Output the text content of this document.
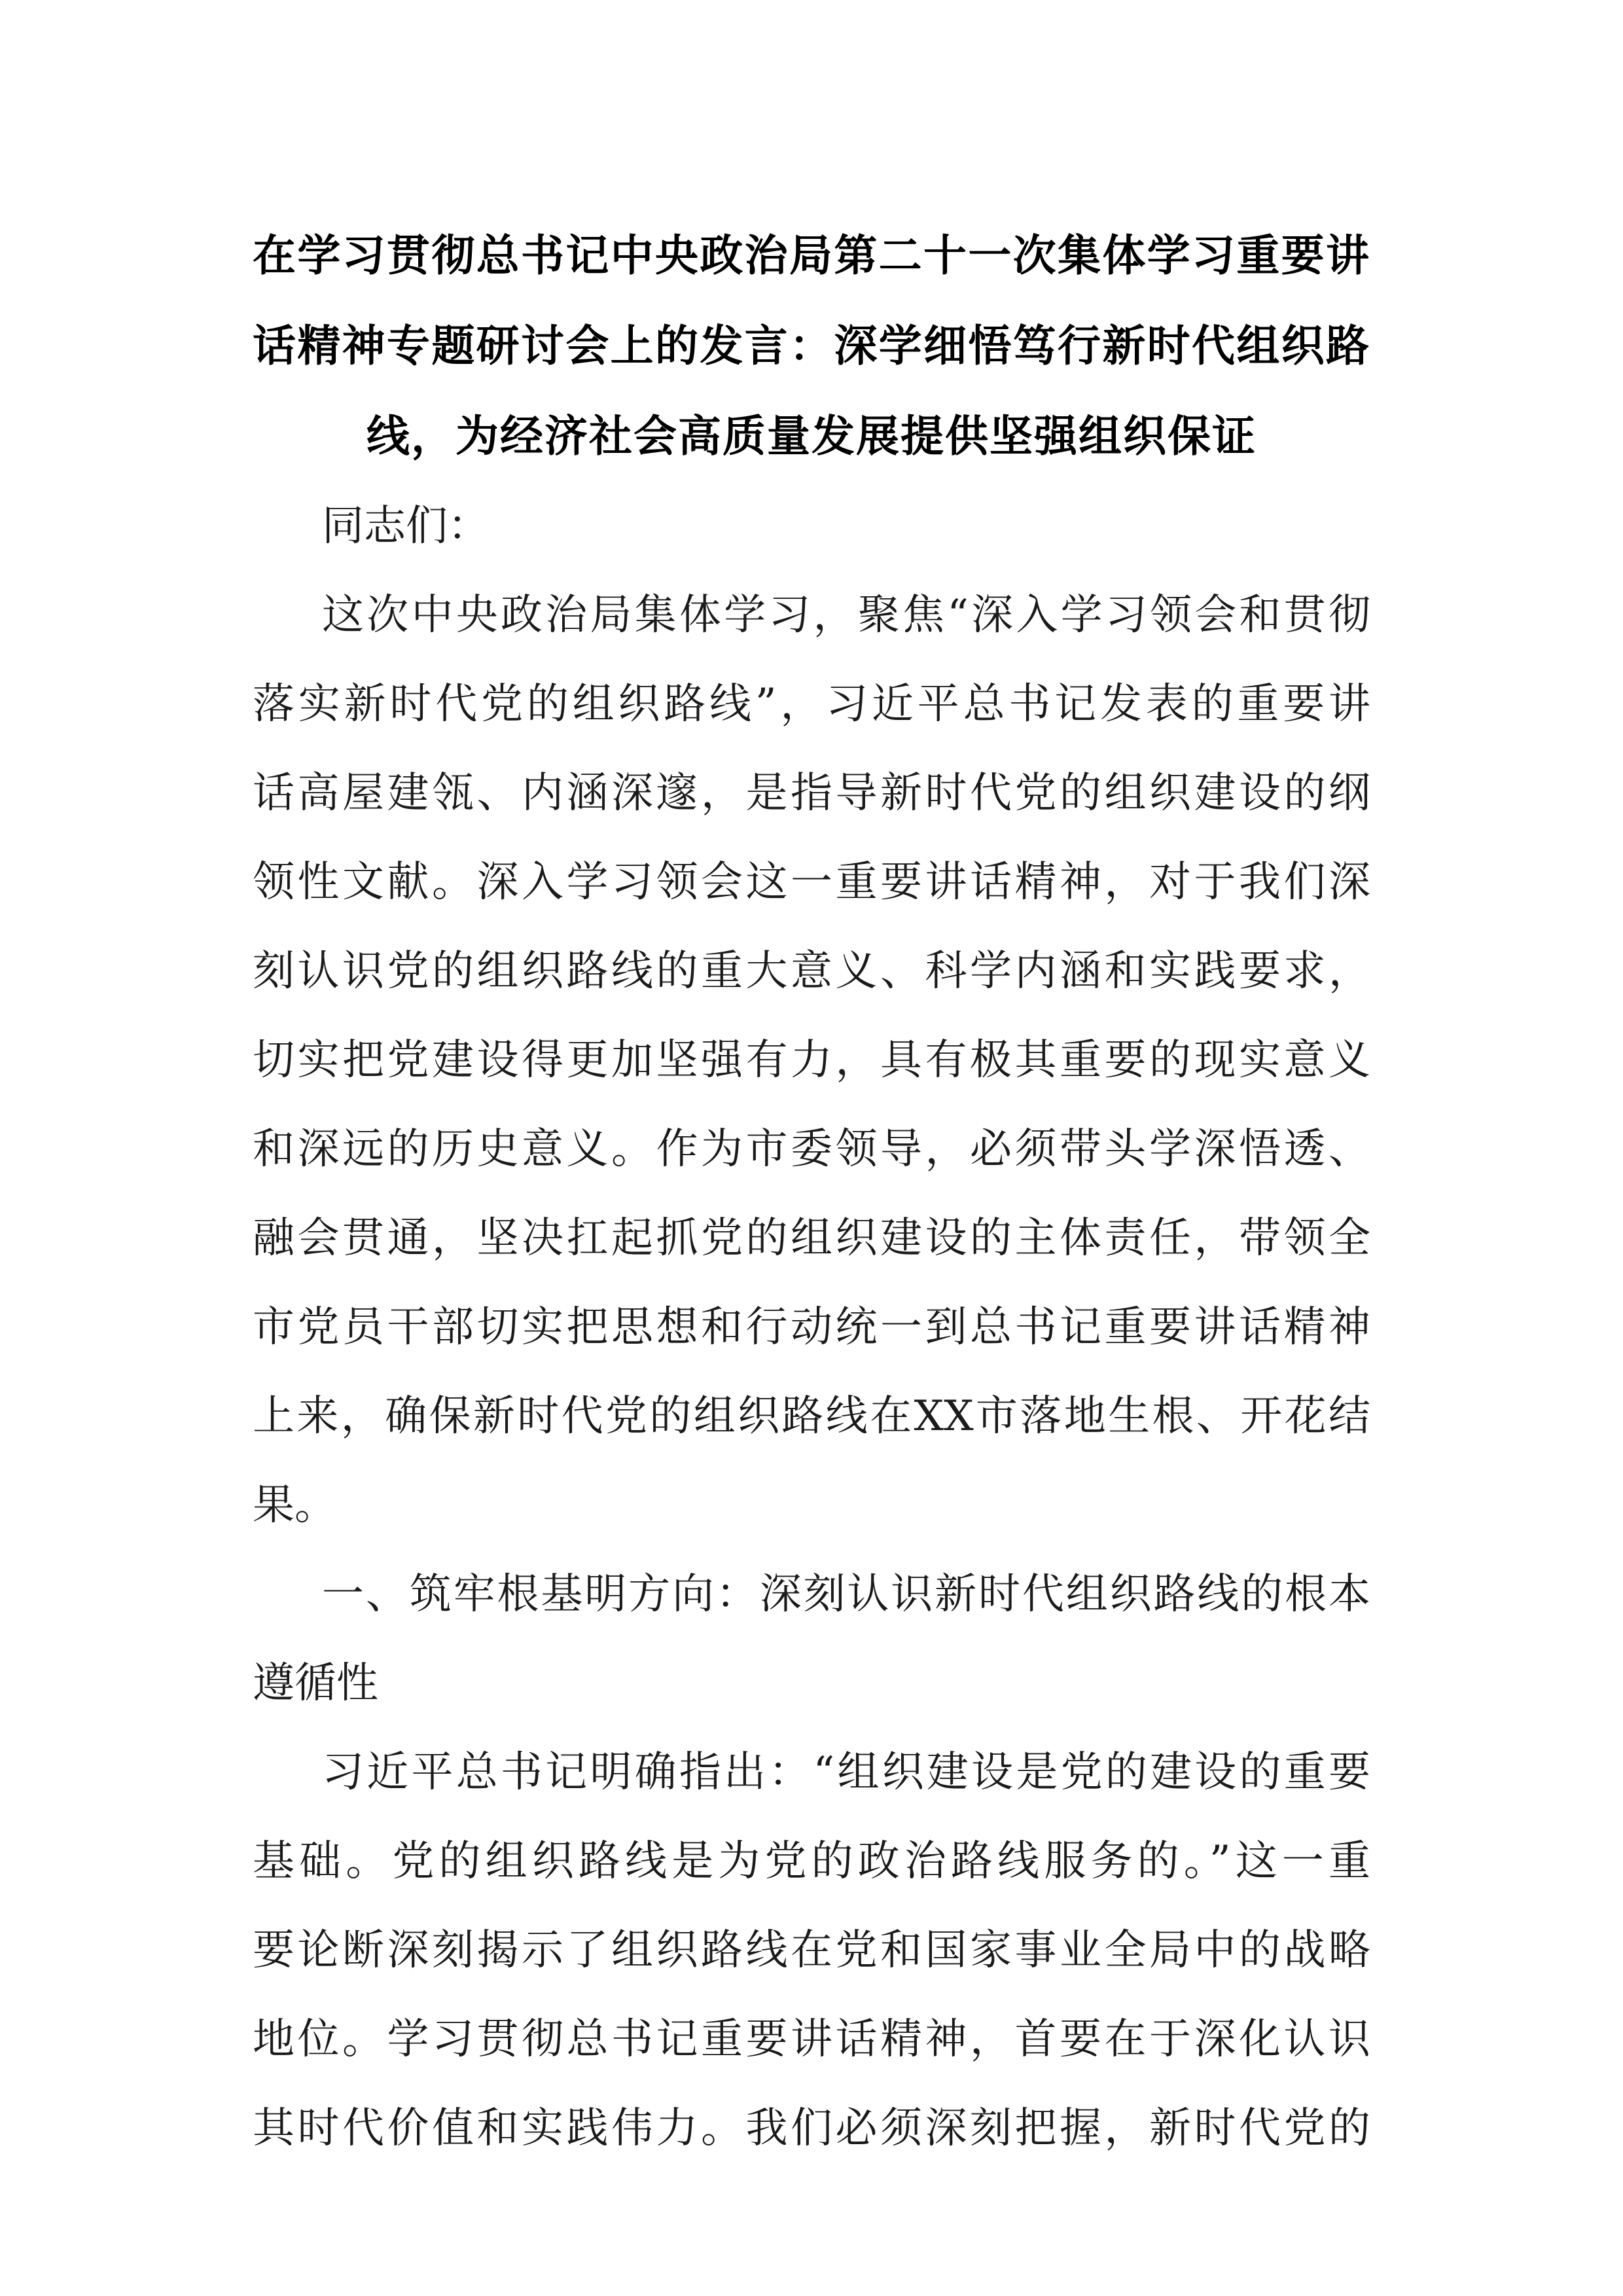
在学习贯彻总书记中央政治局第二十一次集体学习重要讲
话精神专题研讨会上的发言：深学细悟笃行新时代组织路
线，为经济社会高质量发展提供坚强组织保证
同志们：
这次中央政治局集体学习，聚焦“深入学习领会和贯彻
落实新时代党的组织路线”，习近平总书记发表的重要讲
话高屋建瓴、内涵深邃，是指导新时代党的组织建设的纲
领性文献。深入学习领会这一重要讲话精神，对于我们深
刻认识党的组织路线的重大意义、科学内涵和实践要求，
切实把党建设得更加坚强有力，具有极其重要的现实意义
和深远的历史意义。作为市委领导，必须带头学深悟透、
融会贯通，坚决扛起抓党的组织建设的主体责任，带领全
市党员干部切实把思想和行动统一到总书记重要讲话精神
上来，确保新时代党的组织路线在XX市落地生根、开花结
果。
一、筑牢根基明方向：深刻认识新时代组织路线的根本
遵循性
习近平总书记明确指出：“组织建设是党的建设的重要
基础。党的组织路线是为党的政治路线服务的。”这一重
要论断深刻揭示了组织路线在党和国家事业全局中的战略
地位。学习贯彻总书记重要讲话精神，首要在于深化认识
其时代价值和实践伟力。我们必须深刻把握，新时代党的
